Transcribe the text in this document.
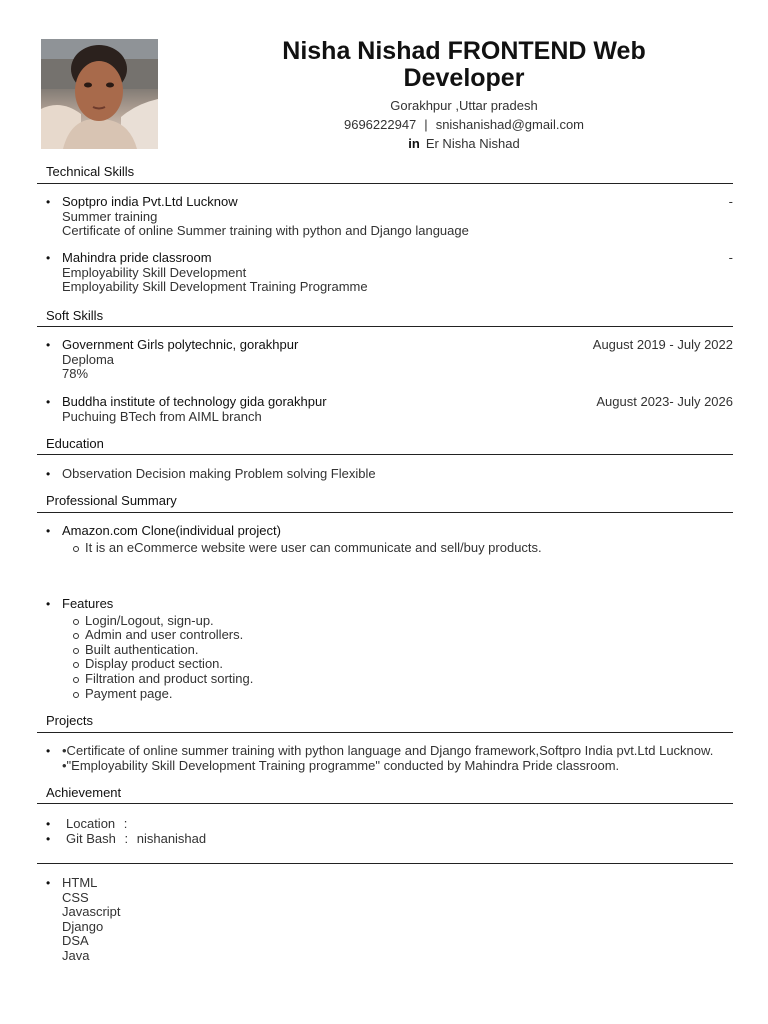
Nisha Nishad FRONTEND Web Developer
Gorakhpur ,Uttar pradesh
9696222947 | snishanishad@gmail.com
in Er Nisha Nishad
Technical Skills
• Soptpro india Pvt.Ltd Lucknow
Summer training
Certificate of online Summer training with python and Django language
-
• Mahindra pride classroom
Employability Skill Development
Employability Skill Development Training Programme
-
Soft Skills
• Government Girls polytechnic, gorakhpur
Deploma
78%
August 2019 - July 2022
• Buddha institute of technology gida gorakhpur
Puchuing BTech from AIML branch
August 2023- July 2026
Education
• Observation Decision making Problem solving Flexible
Professional Summary
• Amazon.com Clone(individual project)
It is an eCommerce website were user can communicate and sell/buy products.
• Features
Login/Logout, sign-up.
Admin and user controllers.
Built authentication.
Display product section.
Filtration and product sorting.
Payment page.
Projects
• •Certificate of online summer training with python language and Django framework,Softpro India pvt.Ltd Lucknow. •"Employability Skill Development Training programme" conducted by Mahindra Pride classroom.
Achievement
• Location :
• Git Bash : nishanishad
• HTML
CSS
Javascript
Django
DSA
Java
